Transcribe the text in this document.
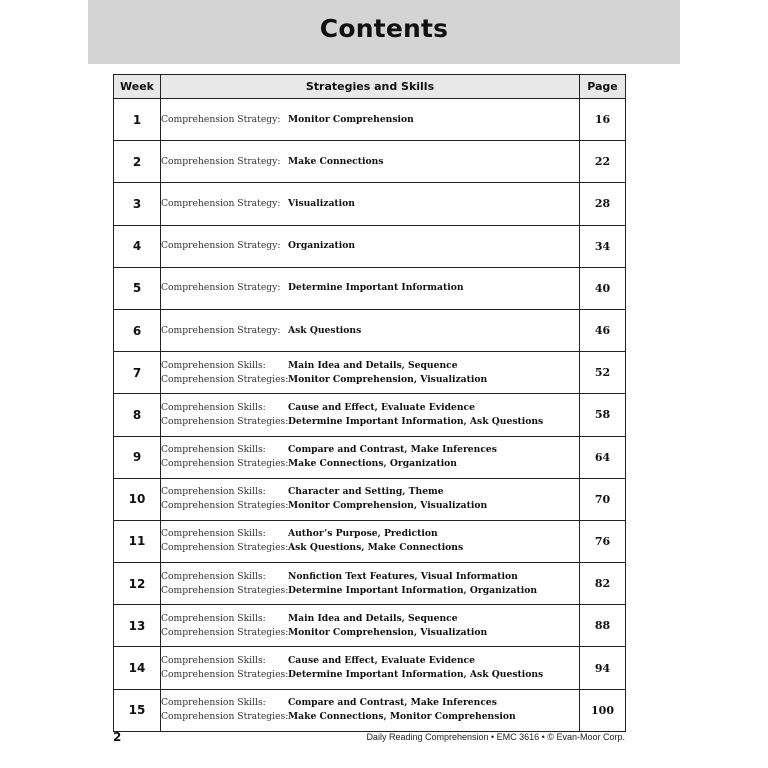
Contents
Week	Strategies and Skills	Page
1	Comprehension Strategy: Monitor Comprehension	16
2	Comprehension Strategy: Make Connections	22
3	Comprehension Strategy: Visualization	28
4	Comprehension Strategy: Organization	34
5	Comprehension Strategy: Determine Important Information	40
6	Comprehension Strategy: Ask Questions	46
7	Comprehension Skills: Main Idea and Details, Sequence
Comprehension Strategies: Monitor Comprehension, Visualization	52
8	Comprehension Skills: Cause and Effect, Evaluate Evidence
Comprehension Strategies: Determine Important Information, Ask Questions	58
9	Comprehension Skills: Compare and Contrast, Make Inferences
Comprehension Strategies: Make Connections, Organization	64
10	Comprehension Skills: Character and Setting, Theme
Comprehension Strategies: Monitor Comprehension, Visualization	70
11	Comprehension Skills: Author’s Purpose, Prediction
Comprehension Strategies: Ask Questions, Make Connections	76
12	Comprehension Skills: Nonfiction Text Features, Visual Information
Comprehension Strategies: Determine Important Information, Organization	82
13	Comprehension Skills: Main Idea and Details, Sequence
Comprehension Strategies: Monitor Comprehension, Visualization	88
14	Comprehension Skills: Cause and Effect, Evaluate Evidence
Comprehension Strategies: Determine Important Information, Ask Questions	94
15	Comprehension Skills: Compare and Contrast, Make Inferences
Comprehension Strategies: Make Connections, Monitor Comprehension	100
2	Daily Reading Comprehension • EMC 3616 • © Evan-Moor Corp.
